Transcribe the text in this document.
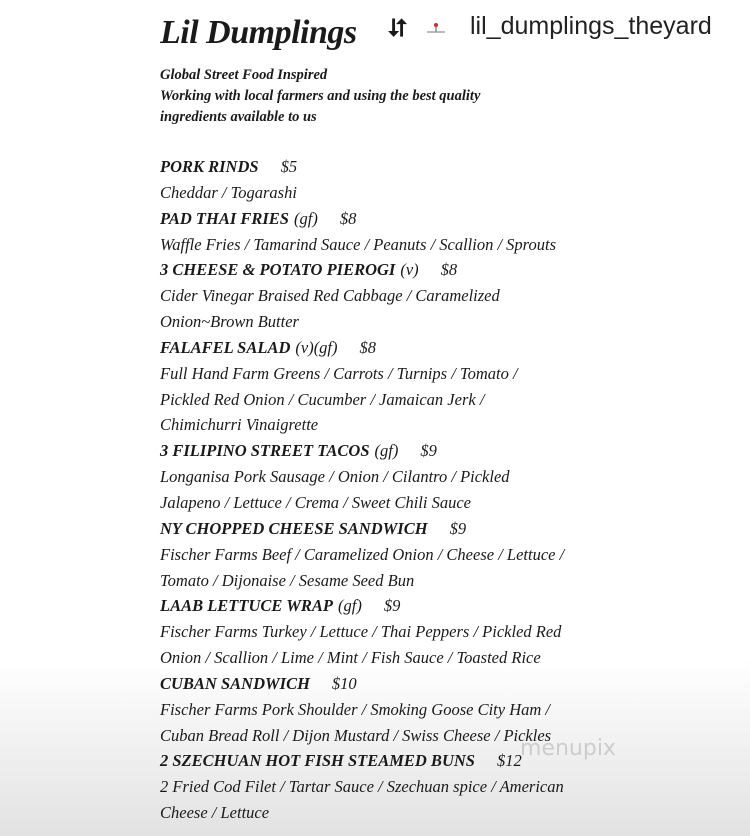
Lil Dumplings	⮃	lil_dumplings_theyard
Global Street Food Inspired
Working with local farmers and using the best quality
ingredients available to us
PORK RINDS $5
Cheddar / Togarashi
PAD THAI FRIES (gf) $8
Waffle Fries / Tamarind Sauce / Peanuts / Scallion / Sprouts
3 CHEESE & POTATO PIEROGI (v) $8
Cider Vinegar Braised Red Cabbage / Caramelized
Onion~Brown Butter
FALAFEL SALAD (v)(gf) $8
Full Hand Farm Greens / Carrots / Turnips / Tomato /
Pickled Red Onion / Cucumber / Jamaican Jerk /
Chimichurri Vinaigrette
3 FILIPINO STREET TACOS (gf) $9
Longanisa Pork Sausage / Onion / Cilantro / Pickled
Jalapeno / Lettuce / Crema / Sweet Chili Sauce
NY CHOPPED CHEESE SANDWICH $9
Fischer Farms Beef / Caramelized Onion / Cheese / Lettuce /
Tomato / Dijonaise / Sesame Seed Bun
LAAB LETTUCE WRAP (gf) $9
Fischer Farms Turkey / Lettuce / Thai Peppers / Pickled Red
Onion / Scallion / Lime / Mint / Fish Sauce / Toasted Rice
CUBAN SANDWICH $10
Fischer Farms Pork Shoulder / Smoking Goose City Ham /
Cuban Bread Roll / Dijon Mustard / Swiss Cheese / Pickles
2 SZECHUAN HOT FISH STEAMED BUNS $12
2 Fried Cod Filet / Tartar Sauce / Szechuan spice / American
Cheese / Lettuce
menupix
